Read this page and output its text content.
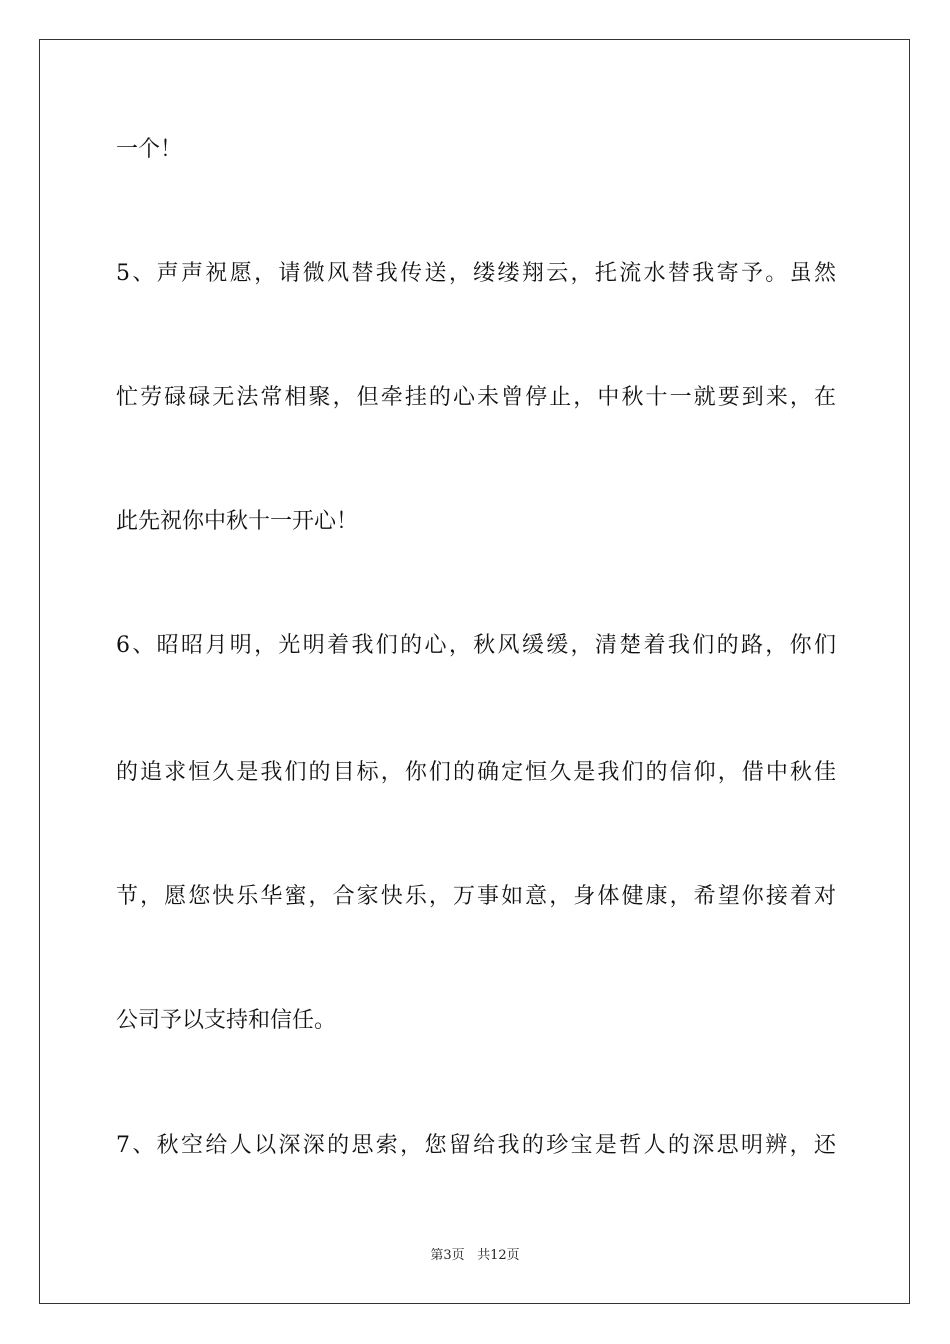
一个！
5、声声祝愿，请微风替我传送，缕缕翔云，托流水替我寄予。虽然
忙劳碌碌无法常相聚，但牵挂的心未曾停止，中秋十一就要到来，在
此先祝你中秋十一开心！
6、昭昭月明，光明着我们的心，秋风缓缓，清楚着我们的路，你们
的追求恒久是我们的目标，你们的确定恒久是我们的信仰，借中秋佳
节，愿您快乐华蜜，合家快乐，万事如意，身体健康，希望你接着对
公司予以支持和信任。
7、秋空给人以深深的思索，您留给我的珍宝是哲人的深思明辨，还
第3页 共12页
